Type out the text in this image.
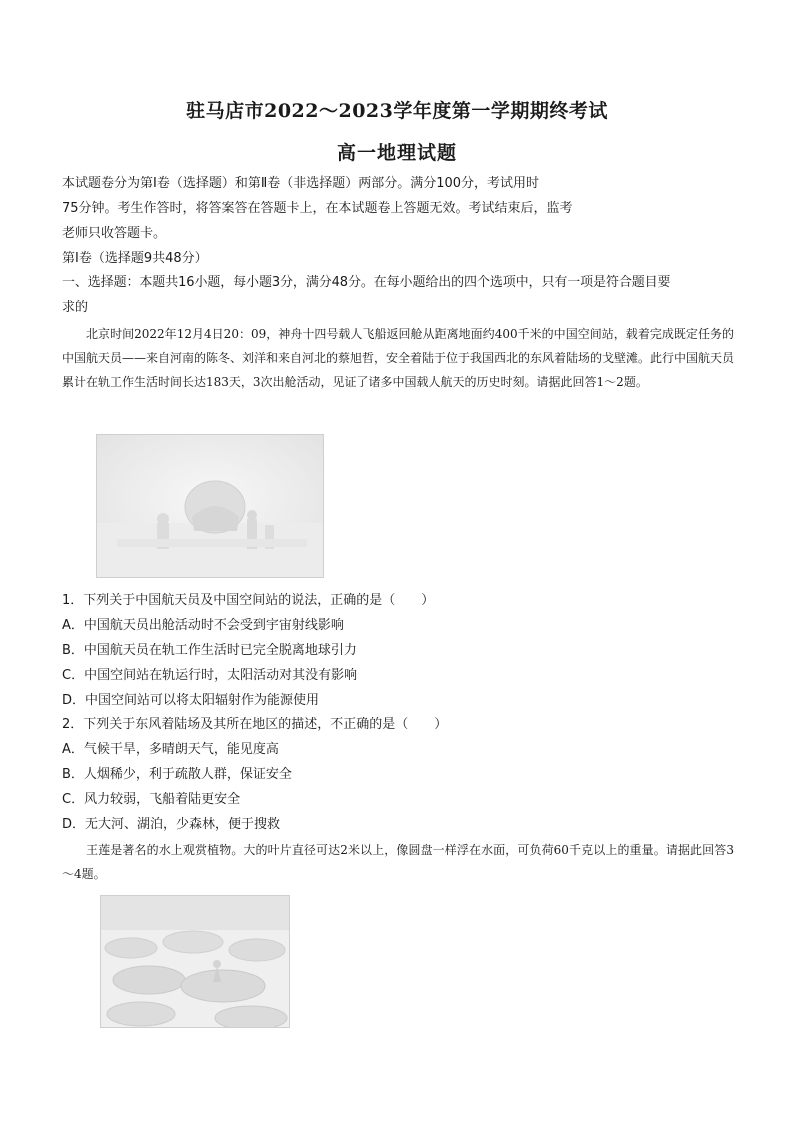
驻马店市2022～2023学年度第一学期期终考试
高一地理试题
本试题卷分为第Ⅰ卷（选择题）和第Ⅱ卷（非选择题）两部分。满分100分，考试用时
75分钟。考生作答时，将答案答在答题卡上，在本试题卷上答题无效。考试结束后，监考
老师只收答题卡。
第Ⅰ卷（选择题9共48分）
一、选择题：本题共16小题，每小题3分，满分48分。在每小题给出的四个选项中，只有一项是符合题目要
求的
北京时间2022年12月4日20：09，神舟十四号载人飞船返回舱从距离地面约400千米的中国空间站，载着完成既定任务的中国航天员——来自河南的陈冬、刘洋和来自河北的蔡旭哲，安全着陆于位于我国西北的东风着陆场的戈壁滩。此行中国航天员累计在轨工作生活时间长达183天，3次出舱活动，见证了诸多中国载人航天的历史时刻。请据此回答1～2题。
1．下列关于中国航天员及中国空间站的说法，正确的是（　　）
A．中国航天员出舱活动时不会受到宇宙射线影响
B．中国航天员在轨工作生活时已完全脱离地球引力
C．中国空间站在轨运行时，太阳活动对其没有影响
D．中国空间站可以将太阳辐射作为能源使用
2．下列关于东风着陆场及其所在地区的描述，不正确的是（　　）
A．气候干旱，多晴朗天气，能见度高
B．人烟稀少，利于疏散人群，保证安全
C．风力较弱，飞船着陆更安全
D．无大河、湖泊，少森林，便于搜救
王莲是著名的水上观赏植物。大的叶片直径可达2米以上，像圆盘一样浮在水面，可负荷60千克以上的重量。请据此回答3～4题。
